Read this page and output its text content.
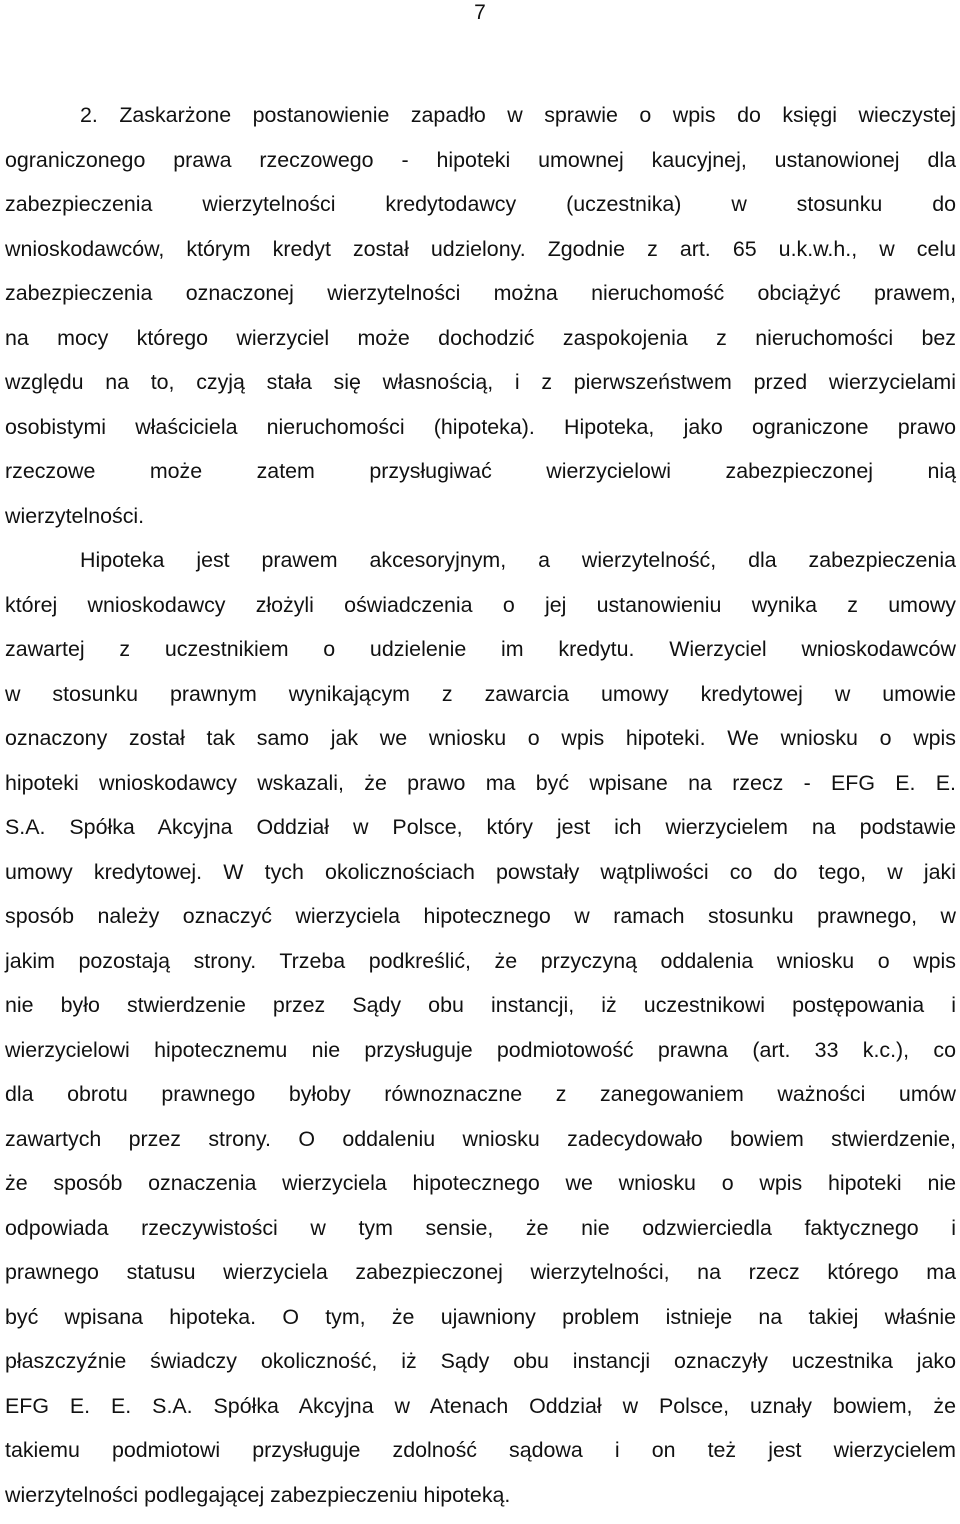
7
2. Zaskarżone postanowienie zapadło w sprawie o wpis do księgi wieczystej
ograniczonego prawa rzeczowego - hipoteki umownej kaucyjnej, ustanowionej dla
zabezpieczenia wierzytelności kredytodawcy (uczestnika) w stosunku do
wnioskodawców, którym kredyt został udzielony. Zgodnie z art. 65 u.k.w.h., w celu
zabezpieczenia oznaczonej wierzytelności można nieruchomość obciążyć prawem,
na mocy którego wierzyciel może dochodzić zaspokojenia z nieruchomości bez
względu na to, czyją stała się własnością, i z pierwszeństwem przed wierzycielami
osobistymi właściciela nieruchomości (hipoteka). Hipoteka, jako ograniczone prawo
rzeczowe może zatem przysługiwać wierzycielowi zabezpieczonej nią
wierzytelności.
Hipoteka jest prawem akcesoryjnym, a wierzytelność, dla zabezpieczenia
której wnioskodawcy złożyli oświadczenia o jej ustanowieniu wynika z umowy
zawartej z uczestnikiem o udzielenie im kredytu. Wierzyciel wnioskodawców
w stosunku prawnym wynikającym z zawarcia umowy kredytowej w umowie
oznaczony został tak samo jak we wniosku o wpis hipoteki. We wniosku o wpis
hipoteki wnioskodawcy wskazali, że prawo ma być wpisane na rzecz - EFG E. E.
S.A. Spółka Akcyjna Oddział w Polsce, który jest ich wierzycielem na podstawie
umowy kredytowej. W tych okolicznościach powstały wątpliwości co do tego, w jaki
sposób należy oznaczyć wierzyciela hipotecznego w ramach stosunku prawnego, w
jakim pozostają strony. Trzeba podkreślić, że przyczyną oddalenia wniosku o wpis
nie było stwierdzenie przez Sądy obu instancji, iż uczestnikowi postępowania i
wierzycielowi hipotecznemu nie przysługuje podmiotowość prawna (art. 33 k.c.), co
dla obrotu prawnego byłoby równoznaczne z zanegowaniem ważności umów
zawartych przez strony. O oddaleniu wniosku zadecydowało bowiem stwierdzenie,
że sposób oznaczenia wierzyciela hipotecznego we wniosku o wpis hipoteki nie
odpowiada rzeczywistości w tym sensie, że nie odzwierciedla faktycznego i
prawnego statusu wierzyciela zabezpieczonej wierzytelności, na rzecz którego ma
być wpisana hipoteka. O tym, że ujawniony problem istnieje na takiej właśnie
płaszczyźnie świadczy okoliczność, iż Sądy obu instancji oznaczyły uczestnika jako
EFG E. E. S.A. Spółka Akcyjna w Atenach Oddział w Polsce, uznały bowiem, że
takiemu podmiotowi przysługuje zdolność sądowa i on też jest wierzycielem
wierzytelności podlegającej zabezpieczeniu hipoteką.
